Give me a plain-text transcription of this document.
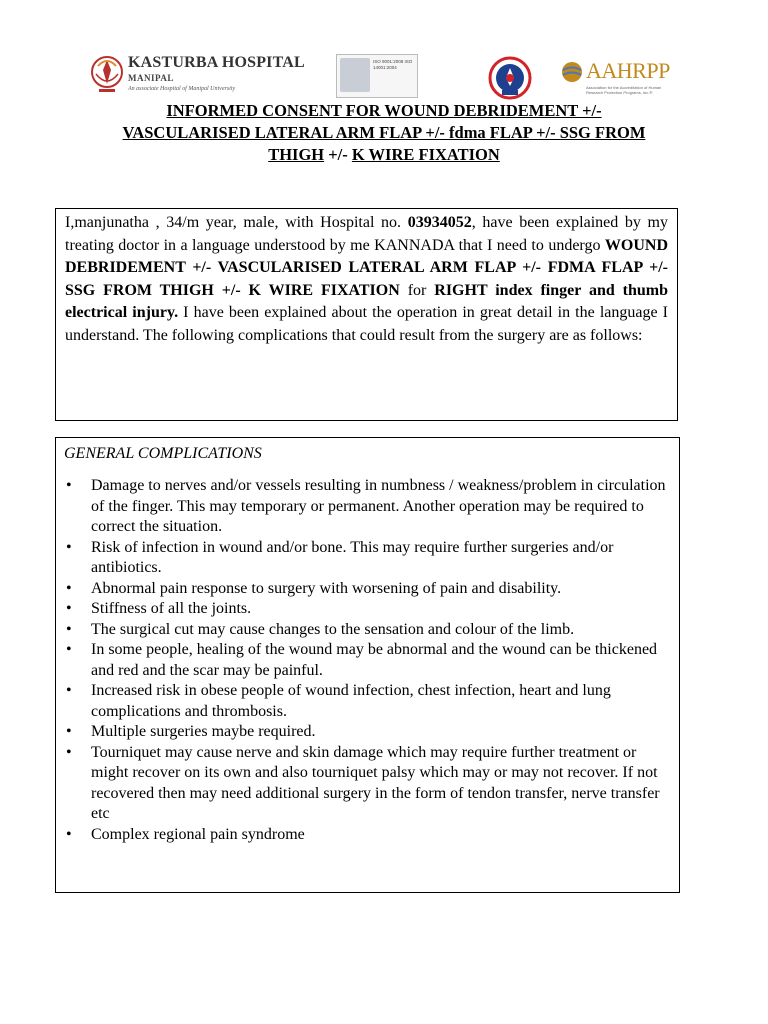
KASTURBA HOSPITAL
MANIPAL
An associate Hospital of Manipal University
ISO 9001:2008 ISO 14001:2004	AAHRPP
Association for the Accreditation of Human Research Protection Programs, Inc.®
INFORMED CONSENT FOR WOUND DEBRIDEMENT +/-
VASCULARISED LATERAL ARM FLAP +/- fdma FLAP +/- SSG FROM
THIGH +/- K WIRE FIXATION

I,manjunatha , 34/m year, male, with Hospital no. 03934052, have been explained by my treating doctor in a language understood by me KANNADA that I need to undergo WOUND DEBRIDEMENT +/- VASCULARISED LATERAL ARM FLAP +/- FDMA FLAP +/- SSG FROM THIGH +/- K WIRE FIXATION for RIGHT index finger and thumb electrical injury. I have been explained about the operation in great detail in the language I understand. The following complications that could result from the surgery are as follows:

GENERAL COMPLICATIONS
• Damage to nerves and/or vessels resulting in numbness / weakness/problem in circulation of the finger. This may temporary or permanent. Another operation may be required to correct the situation.
• Risk of infection in wound and/or bone. This may require further surgeries and/or antibiotics.
• Abnormal pain response to surgery with worsening of pain and disability.
• Stiffness of all the joints.
• The surgical cut may cause changes to the sensation and colour of the limb.
• In some people, healing of the wound may be abnormal and the wound can be thickened and red and the scar may be painful.
• Increased risk in obese people of wound infection, chest infection, heart and lung complications and thrombosis.
• Multiple surgeries maybe required.
• Tourniquet may cause nerve and skin damage which may require further treatment or might recover on its own and also tourniquet palsy which may or may not recover. If not recovered then may need additional surgery in the form of tendon transfer, nerve transfer etc
• Complex regional pain syndrome
